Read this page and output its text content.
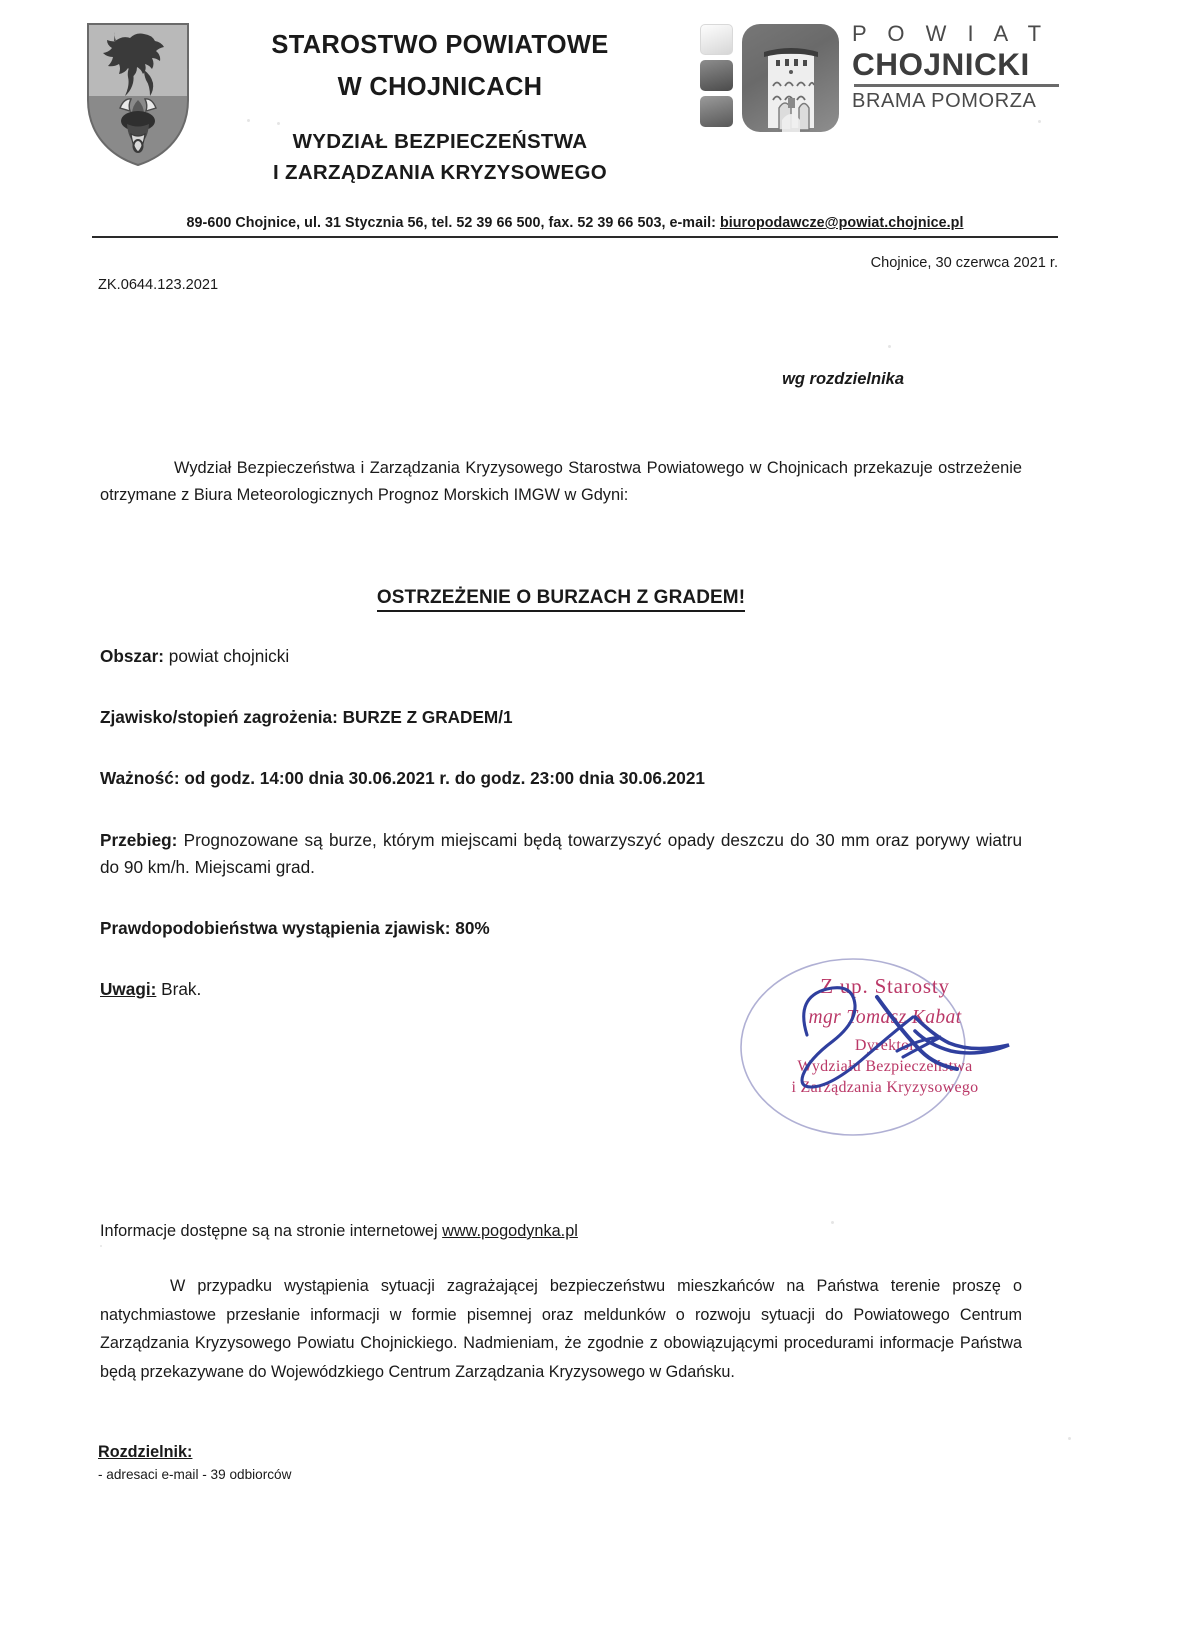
STAROSTWO POWIATOWE
W CHOJNICACH
WYDZIAŁ BEZPIECZEŃSTWA
I ZARZĄDZANIA KRYZYSOWEGO
P O W I A T
CHOJNICKI
BRAMA POMORZA
89-600 Chojnice, ul. 31 Stycznia 56, tel. 52 39 66 500, fax. 52 39 66 503, e-mail: biuropodawcze@powiat.chojnice.pl
Chojnice, 30 czerwca 2021 r.
ZK.0644.123.2021
wg rozdzielnika
Wydział Bezpieczeństwa i Zarządzania Kryzysowego Starostwa Powiatowego w Chojnicach przekazuje ostrzeżenie otrzymane z Biura Meteorologicznych Prognoz Morskich IMGW w Gdyni:
OSTRZEŻENIE O BURZACH Z GRADEM!
Obszar: powiat chojnicki
Zjawisko/stopień zagrożenia: BURZE Z GRADEM/1
Ważność: od godz. 14:00 dnia 30.06.2021 r. do godz. 23:00 dnia 30.06.2021
Przebieg: Prognozowane są burze, którym miejscami będą towarzyszyć opady deszczu do 30 mm oraz porywy wiatru do 90 km/h. Miejscami grad.
Prawdopodobieństwa wystąpienia zjawisk: 80%
Uwagi: Brak.	Z up. Starosty
mgr Tomasz Kabat
Dyrektor
Wydziału Bezpieczeństwa
i Zarządzania Kryzysowego
Informacje dostępne są na stronie internetowej www.pogodynka.pl
W przypadku wystąpienia sytuacji zagrażającej bezpieczeństwu mieszkańców na Państwa terenie proszę o natychmiastowe przesłanie informacji w formie pisemnej oraz meldunków o rozwoju sytuacji do Powiatowego Centrum Zarządzania Kryzysowego Powiatu Chojnickiego. Nadmieniam, że zgodnie z obowiązującymi procedurami informacje Państwa będą przekazywane do Wojewódzkiego Centrum Zarządzania Kryzysowego w Gdańsku.
Rozdzielnik:
- adresaci e-mail - 39 odbiorców
